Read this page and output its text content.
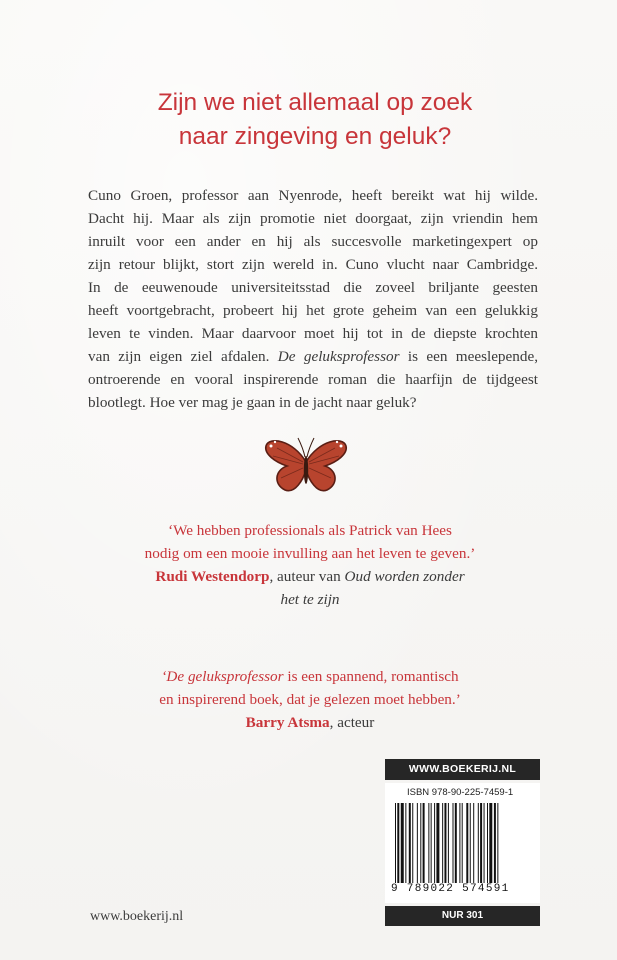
Zijn we niet allemaal op zoek
naar zingeving en geluk?
Cuno Groen, professor aan Nyenrode, heeft bereikt wat hij wilde.
Dacht hij. Maar als zijn promotie niet doorgaat, zijn vriendin hem
inruilt voor een ander en hij als succesvolle marketingexpert op
zijn retour blijkt, stort zijn wereld in. Cuno vlucht naar Cambridge.
In de eeuwenoude universiteitsstad die zoveel briljante geesten
heeft voortgebracht, probeert hij het grote geheim van een gelukkig
leven te vinden. Maar daarvoor moet hij tot in de diepste krochten
van zijn eigen ziel afdalen. De geluksprofessor is een meeslepende,
ontroerende en vooral inspirerende roman die haarfijn de tijdgeest
blootlegt. Hoe ver mag je gaan in de jacht naar geluk?
‘We hebben professionals als Patrick van Hees
nodig om een mooie invulling aan het leven te geven.’
Rudi Westendorp, auteur van Oud worden zonder
het te zijn
‘De geluksprofessor is een spannend, romantisch
en inspirerend boek, dat je gelezen moet hebben.’
Barry Atsma, acteur
WWW.BOEKERIJ.NL
ISBN 978-90-225-7459-1
9 789022 574591
NUR 301
www.boekerij.nl
